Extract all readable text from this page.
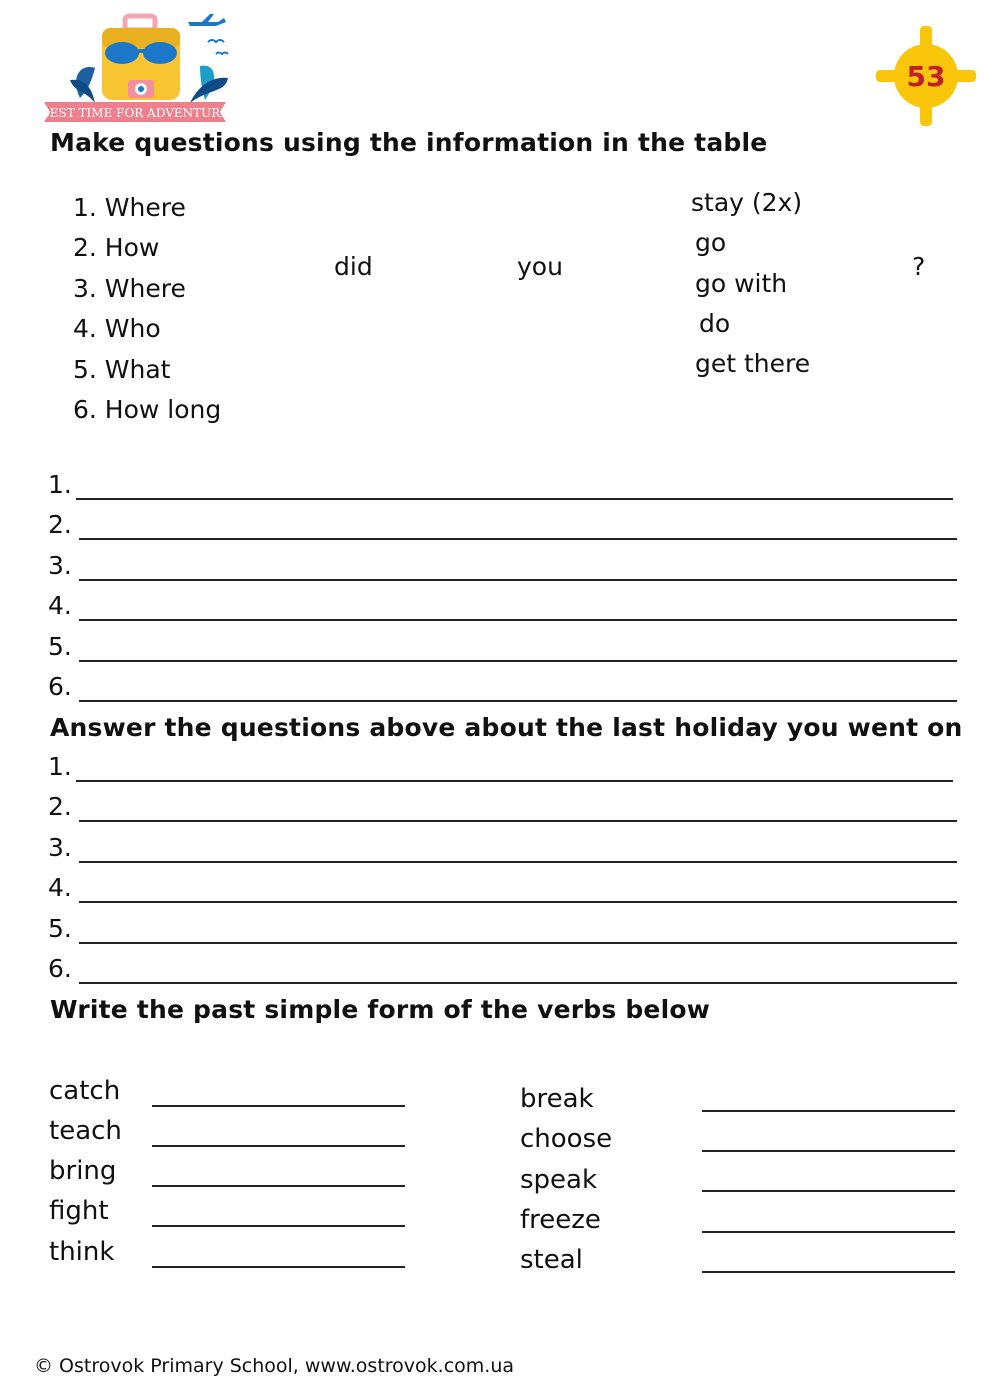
BEST TIME FOR ADVENTURE
53
Make questions using the information in the table
1. Where
2. How
3. Where
4. Who
5. What
6. How long
did	you
stay (2x)
go
go with
do
get there
?
1.
2.
3.
4.
5.
6.
Answer the questions above about the last holiday you went on
1.
2.
3.
4.
5.
6.
Write the past simple form of the verbs below
catch
teach
bring
fight
think
break
choose
speak
freeze
steal
© Ostrovok Primary School, www.ostrovok.com.ua
